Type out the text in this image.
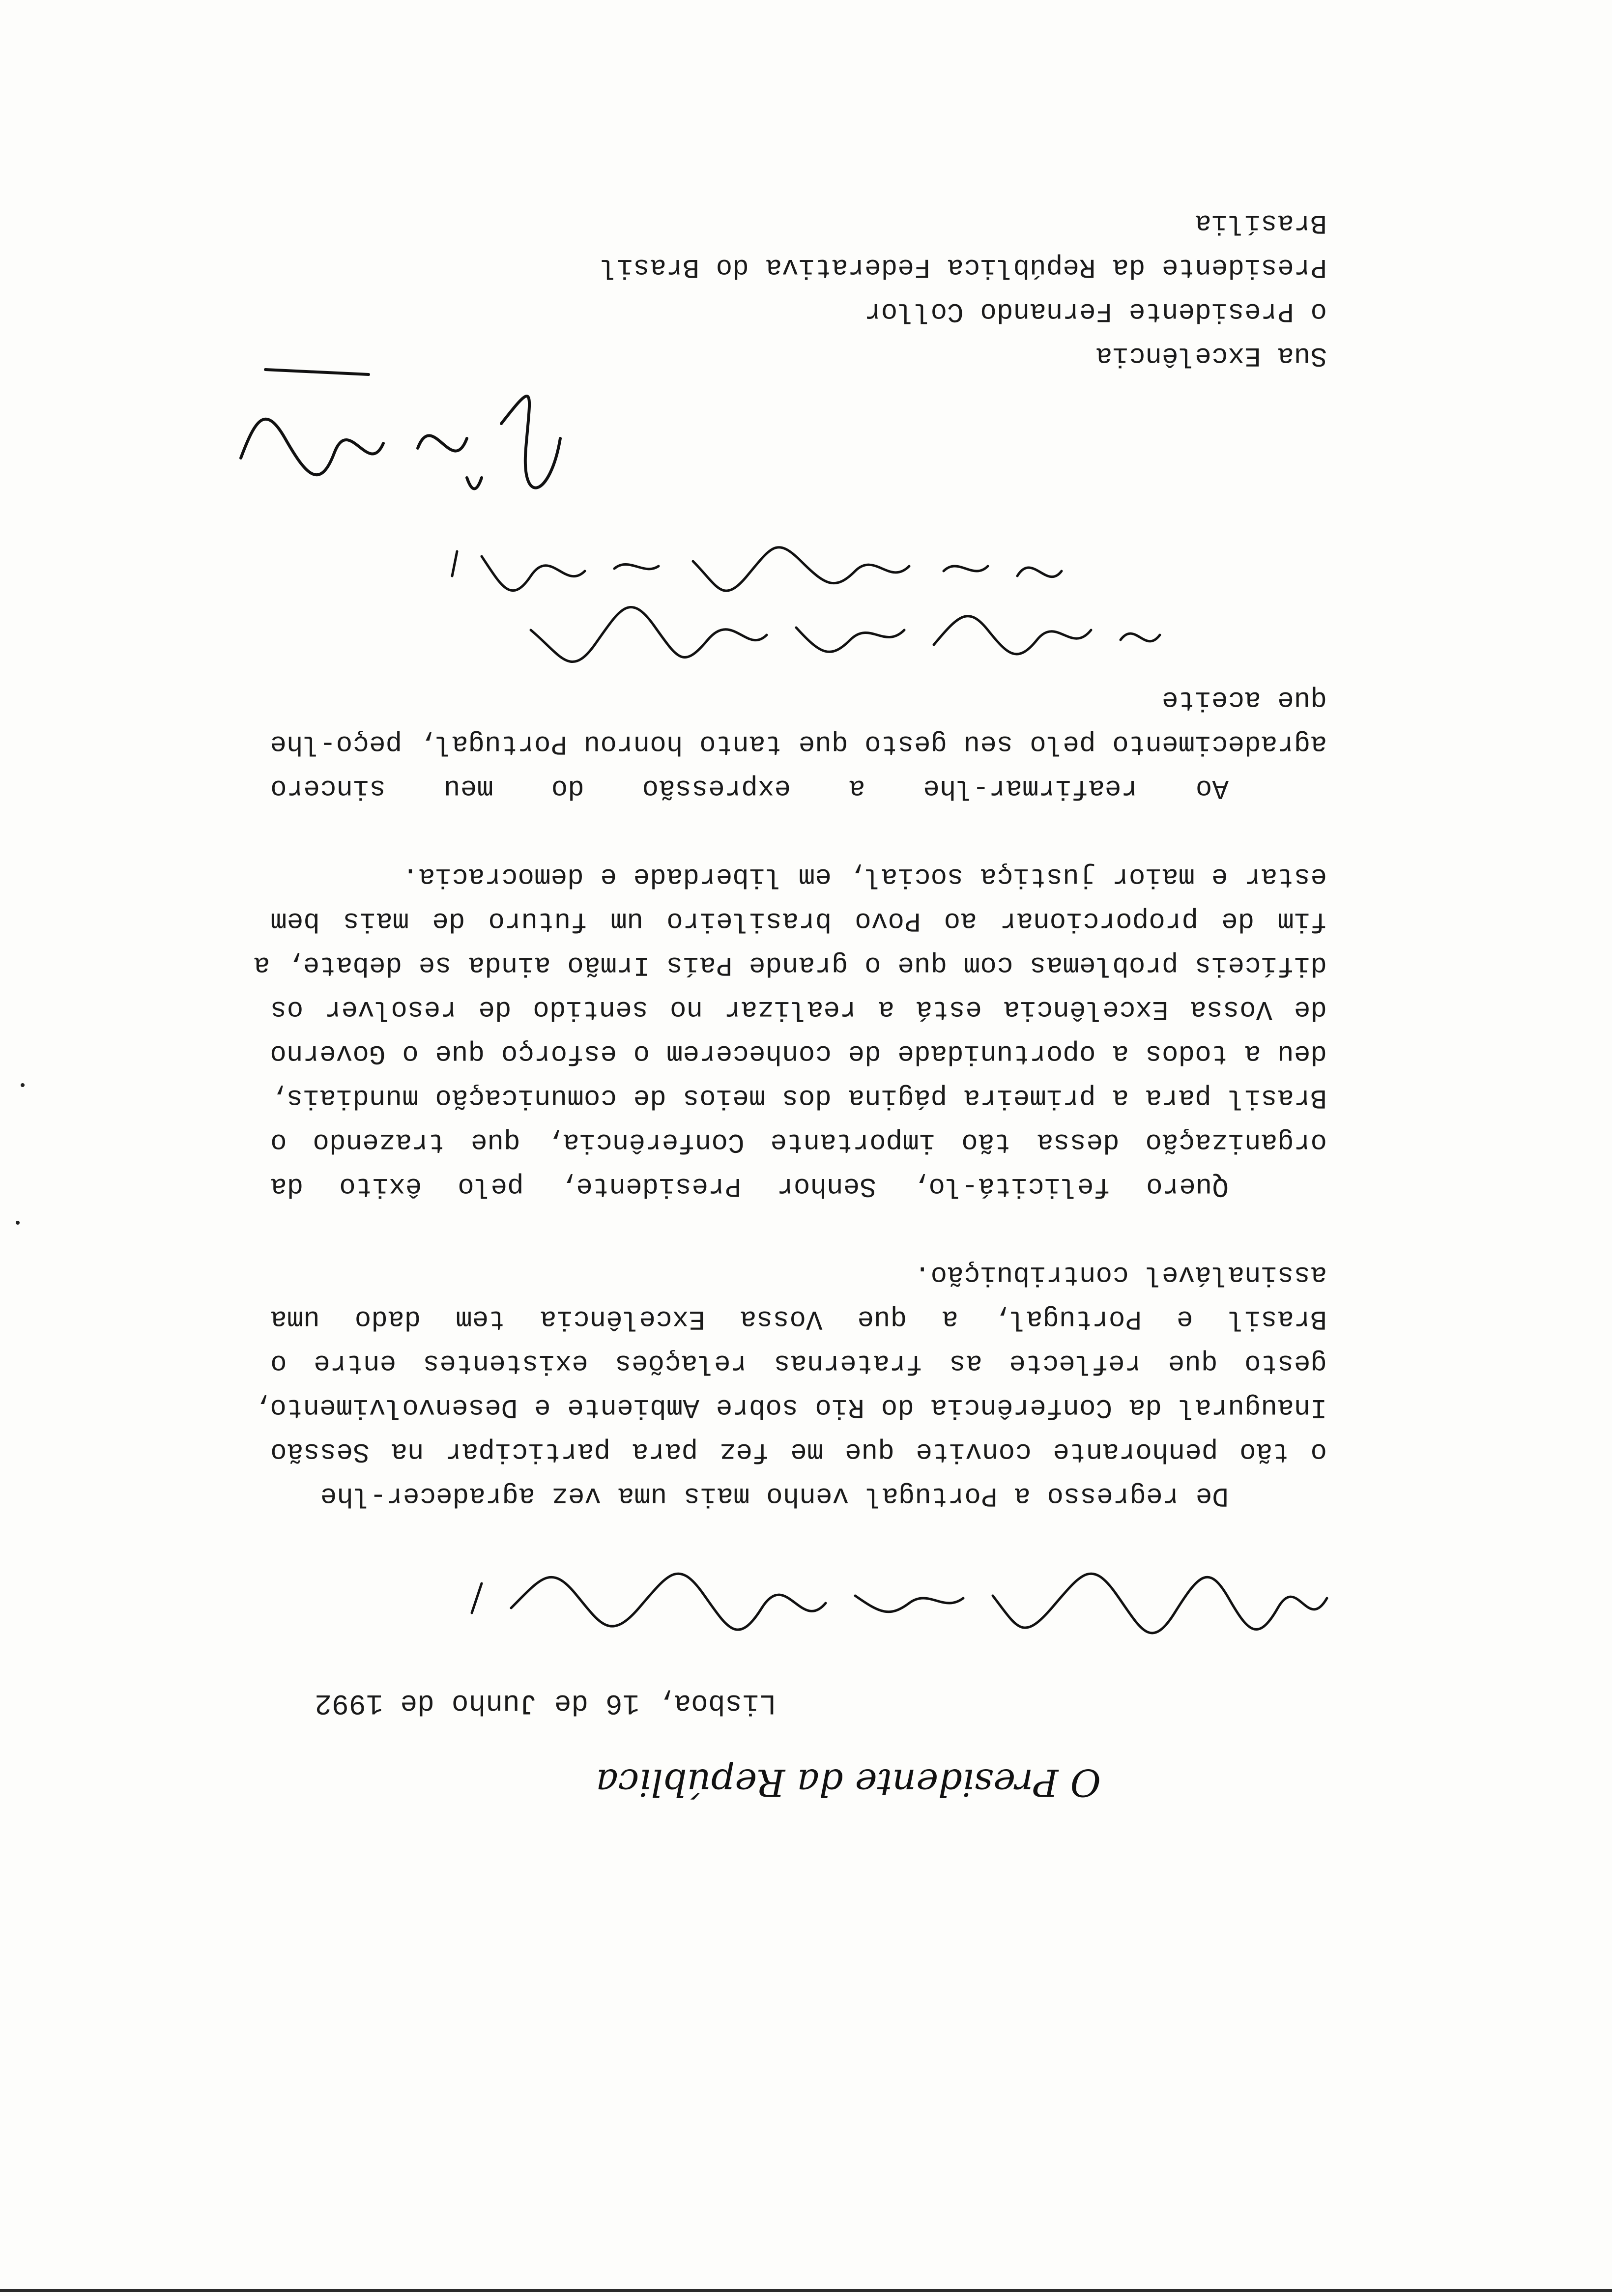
O Presidente da República
Lisboa, 16 de Junho de 1992
De regresso a Portugal venho mais uma vez agradecer-lhe
o tão penhorante convite que me fez para participar na Sessão
Inaugural da Conferência do Rio sobre Ambiente e Desenvolvimento,
gesto que reflecte as fraternas relações existentes entre o
Brasil e Portugal, a que Vossa Excelência tem dado uma
assinalável contribuição.
Quero felicitá-lo, Senhor Presidente, pelo êxito da
organização dessa tão importante Conferência, que trazendo o
Brasil para a primeira página dos meios de comunicação mundiais,
deu a todos a oportunidade de conhecerem o esforço que o Governo
de Vossa Excelência está a realizar no sentido de resolver os
difíceis problemas com que o grande País Irmão ainda se debate, a
fim de proporcionar ao Povo brasileiro um futuro de mais bem
estar e maior justiça social, em liberdade e democracia.
Ao reafirmar-lhe a expressão do meu sincero
agradecimento pelo seu gesto que tanto honrou Portugal, peço-lhe
que aceite
Sua Excelência
o Presidente Fernando Collor
Presidente da República Federativa do Brasil
Brasília
